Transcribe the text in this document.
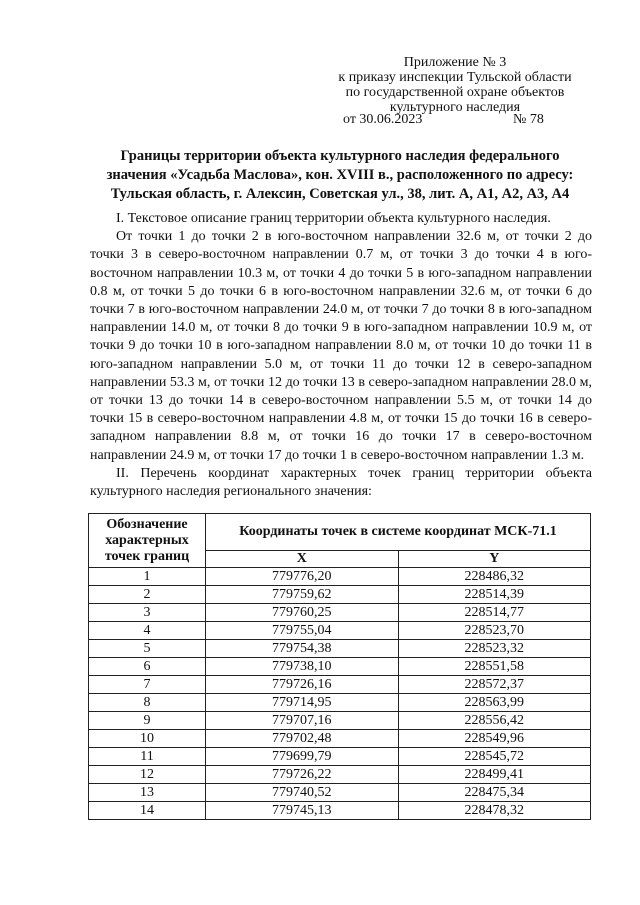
Приложение № 3
к приказу инспекции Тульской области
по государственной охране объектов
культурного наследия
от 30.06.2023	№ 78
Границы территории объекта культурного наследия федерального
значения «Усадьба Маслова», кон. XVIII в., расположенного по адресу:
Тульская область, г. Алексин, Советская ул., 38, лит. А, А1, А2, А3, А4

I. Текстовое описание границ территории объекта культурного наследия.

От точки 1 до точки 2 в юго-восточном направлении 32.6 м, от точки 2 до точки 3 в северо-восточном направлении 0.7 м, от точки 3 до точки 4 в юго-восточном направлении 10.3 м, от точки 4 до точки 5 в юго-западном направлении 0.8 м, от точки 5 до точки 6 в юго-восточном направлении 32.6 м, от точки 6 до точки 7 в юго-восточном направлении 24.0 м, от точки 7 до точки 8 в юго-западном направлении 14.0 м, от точки 8 до точки 9 в юго-западном направлении 10.9 м, от точки 9 до точки 10 в юго-западном направлении 8.0 м, от точки 10 до точки 11 в юго-западном направлении 5.0 м, от точки 11 до точки 12 в северо-западном направлении 53.3 м, от точки 12 до точки 13 в северо-западном направлении 28.0 м, от точки 13 до точки 14 в северо-восточном направлении 5.5 м, от точки 14 до точки 15 в северо-восточном направлении 4.8 м, от точки 15 до точки 16 в северо-западном направлении 8.8 м, от точки 16 до точки 17 в северо-восточном направлении 24.9 м, от точки 17 до точки 1 в северо-восточном направлении 1.3 м.

II. Перечень координат характерных точек границ территории объекта культурного наследия регионального значения:

Обозначение характерных точек границ	Координаты точек в системе координат МСК-71.1	
	X	Y
1	779776,20	228486,32
2	779759,62	228514,39
3	779760,25	228514,77
4	779755,04	228523,70
5	779754,38	228523,32
6	779738,10	228551,58
7	779726,16	228572,37
8	779714,95	228563,99
9	779707,16	228556,42
10	779702,48	228549,96
11	779699,79	228545,72
12	779726,22	228499,41
13	779740,52	228475,34
14	779745,13	228478,32
